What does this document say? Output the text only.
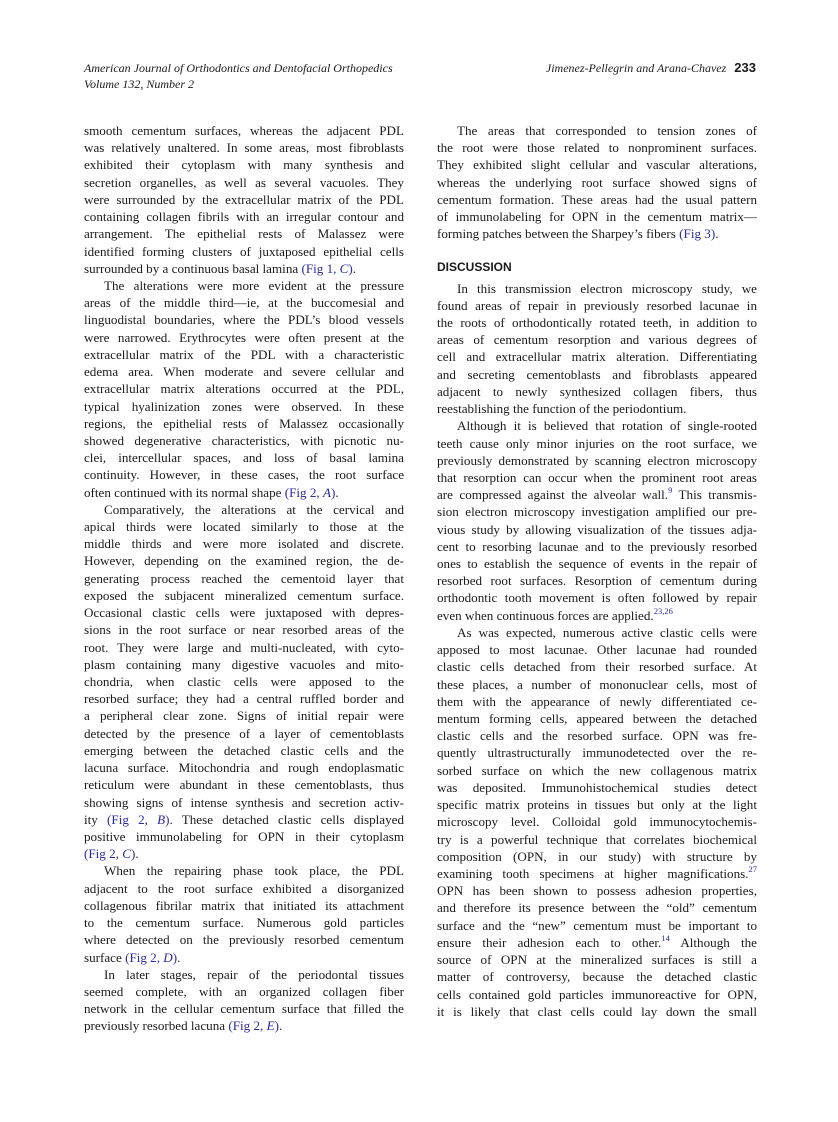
American Journal of Orthodontics and Dentofacial Orthopedics
Volume 132, Number 2
Jimenez-Pellegrin and Arana-Chavez 233
smooth cementum surfaces, whereas the adjacent PDL
was relatively unaltered. In some areas, most fibroblasts
exhibited their cytoplasm with many synthesis and
secretion organelles, as well as several vacuoles. They
were surrounded by the extracellular matrix of the PDL
containing collagen fibrils with an irregular contour and
arrangement. The epithelial rests of Malassez were
identified forming clusters of juxtaposed epithelial cells
surrounded by a continuous basal lamina (Fig 1, C).
The alterations were more evident at the pressure
areas of the middle third—ie, at the buccomesial and
linguodistal boundaries, where the PDL’s blood vessels
were narrowed. Erythrocytes were often present at the
extracellular matrix of the PDL with a characteristic
edema area. When moderate and severe cellular and
extracellular matrix alterations occurred at the PDL,
typical hyalinization zones were observed. In these
regions, the epithelial rests of Malassez occasionally
showed degenerative characteristics, with picnotic nu-
clei, intercellular spaces, and loss of basal lamina
continuity. However, in these cases, the root surface
often continued with its normal shape (Fig 2, A).
Comparatively, the alterations at the cervical and
apical thirds were located similarly to those at the
middle thirds and were more isolated and discrete.
However, depending on the examined region, the de-
generating process reached the cementoid layer that
exposed the subjacent mineralized cementum surface.
Occasional clastic cells were juxtaposed with depres-
sions in the root surface or near resorbed areas of the
root. They were large and multi-nucleated, with cyto-
plasm containing many digestive vacuoles and mito-
chondria, when clastic cells were apposed to the
resorbed surface; they had a central ruffled border and
a peripheral clear zone. Signs of initial repair were
detected by the presence of a layer of cementoblasts
emerging between the detached clastic cells and the
lacuna surface. Mitochondria and rough endoplasmatic
reticulum were abundant in these cementoblasts, thus
showing signs of intense synthesis and secretion activ-
ity (Fig 2, B). These detached clastic cells displayed
positive immunolabeling for OPN in their cytoplasm
(Fig 2, C).
When the repairing phase took place, the PDL
adjacent to the root surface exhibited a disorganized
collagenous fibrilar matrix that initiated its attachment
to the cementum surface. Numerous gold particles
where detected on the previously resorbed cementum
surface (Fig 2, D).
In later stages, repair of the periodontal tissues
seemed complete, with an organized collagen fiber
network in the cellular cementum surface that filled the
previously resorbed lacuna (Fig 2, E).
The areas that corresponded to tension zones of
the root were those related to nonprominent surfaces.
They exhibited slight cellular and vascular alterations,
whereas the underlying root surface showed signs of
cementum formation. These areas had the usual pattern
of immunolabeling for OPN in the cementum matrix—
forming patches between the Sharpey’s fibers (Fig 3).
DISCUSSION
In this transmission electron microscopy study, we
found areas of repair in previously resorbed lacunae in
the roots of orthodontically rotated teeth, in addition to
areas of cementum resorption and various degrees of
cell and extracellular matrix alteration. Differentiating
and secreting cementoblasts and fibroblasts appeared
adjacent to newly synthesized collagen fibers, thus
reestablishing the function of the periodontium.
Although it is believed that rotation of single-rooted
teeth cause only minor injuries on the root surface, we
previously demonstrated by scanning electron microscopy
that resorption can occur when the prominent root areas
are compressed against the alveolar wall.$^9$ This transmis-
sion electron microscopy investigation amplified our pre-
vious study by allowing visualization of the tissues adja-
cent to resorbing lacunae and to the previously resorbed
ones to establish the sequence of events in the repair of
resorbed root surfaces. Resorption of cementum during
orthodontic tooth movement is often followed by repair
even when continuous forces are applied.$^{23,26}$
As was expected, numerous active clastic cells were
apposed to most lacunae. Other lacunae had rounded
clastic cells detached from their resorbed surface. At
these places, a number of mononuclear cells, most of
them with the appearance of newly differentiated ce-
mentum forming cells, appeared between the detached
clastic cells and the resorbed surface. OPN was fre-
quently ultrastructurally immunodetected over the re-
sorbed surface on which the new collagenous matrix
was deposited. Immunohistochemical studies detect
specific matrix proteins in tissues but only at the light
microscopy level. Colloidal gold immunocytochemis-
try is a powerful technique that correlates biochemical
composition (OPN, in our study) with structure by
examining tooth specimens at higher magnifications.$^{27}$
OPN has been shown to possess adhesion properties,
and therefore its presence between the “old” cementum
surface and the “new” cementum must be important to
ensure their adhesion each to other.$^{14}$ Although the
source of OPN at the mineralized surfaces is still a
matter of controversy, because the detached clastic
cells contained gold particles immunoreactive for OPN,
it is likely that clast cells could lay down the small
